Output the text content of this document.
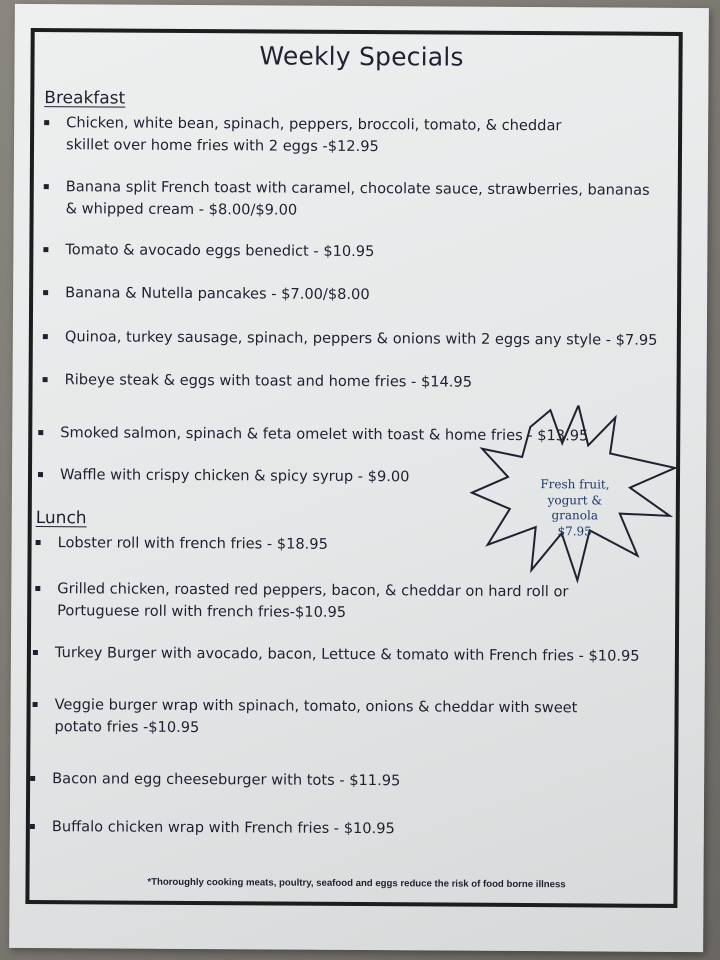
Weekly Specials
Breakfast
Chicken, white bean, spinach, peppers, broccoli, tomato, & cheddar
skillet over home fries with 2 eggs -$12.95
Banana split French toast with caramel, chocolate sauce, strawberries, bananas
& whipped cream - $8.00/$9.00
Tomato & avocado eggs benedict - $10.95
Banana & Nutella pancakes - $7.00/$8.00
Quinoa, turkey sausage, spinach, peppers & onions with 2 eggs any style - $7.95
Ribeye steak & eggs with toast and home fries - $14.95
Smoked salmon, spinach & feta omelet with toast & home fries - $13.95
Waffle with crispy chicken & spicy syrup - $9.00	Fresh fruit,
yogurt &
granola
$7.95
Lunch
Lobster roll with french fries - $18.95
Grilled chicken, roasted red peppers, bacon, & cheddar on hard roll or
Portuguese roll with french fries-$10.95
Turkey Burger with avocado, bacon, Lettuce & tomato with French fries - $10.95
Veggie burger wrap with spinach, tomato, onions & cheddar with sweet
potato fries -$10.95
Bacon and egg cheeseburger with tots - $11.95
Buffalo chicken wrap with French fries - $10.95
*Thoroughly cooking meats, poultry, seafood and eggs reduce the risk of food borne illness
